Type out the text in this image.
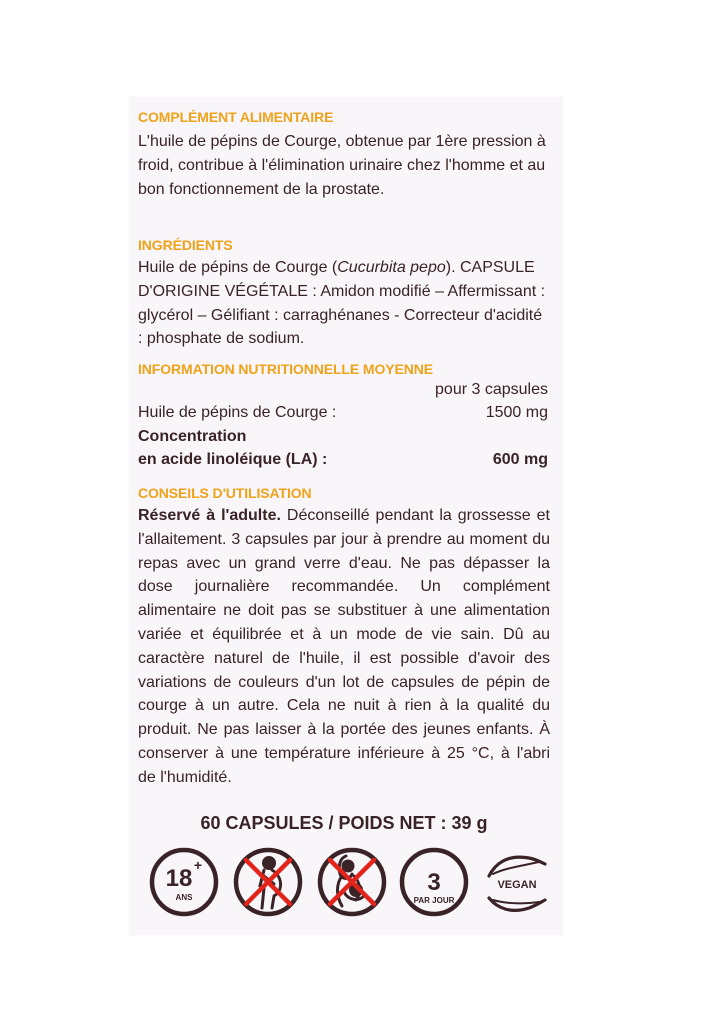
COMPLÉMENT ALIMENTAIRE

L'huile de pépins de Courge, obtenue par 1ère pression à froid, contribue à l'élimination urinaire chez l'homme et au bon fonctionnement de la prostate.

INGRÉDIENTS

Huile de pépins de Courge (Cucurbita pepo). CAPSULE D'ORIGINE VÉGÉTALE : Amidon modifié – Affermissant : glycérol – Gélifiant : carraghénanes - Correcteur d'acidité : phosphate de sodium.

INFORMATION NUTRITIONNELLE MOYENNE
pour 3 capsules
Huile de pépins de Courge :	1500 mg
Concentration
en acide linoléique (LA) :	600 mg
CONSEILS D'UTILISATION

Réservé à l'adulte. Déconseillé pendant la grossesse et l'allaitement. 3 capsules par jour à prendre au moment du repas avec un grand verre d'eau. Ne pas dépasser la dose journalière recommandée. Un complément alimentaire ne doit pas se substituer à une alimentation variée et équilibrée et à un mode de vie sain. Dû au caractère naturel de l'huile, il est possible d'avoir des variations de couleurs d'un lot de capsules de pépin de courge à un autre. Cela ne nuit à rien à la qualité du produit. Ne pas laisser à la portée des jeunes enfants. À conserver à une température inférieure à 25 °C, à l'abri de l'humidité.

60 CAPSULES / POIDS NET : 39 g
18 +
ANS
3
PAR JOUR
VEGAN
